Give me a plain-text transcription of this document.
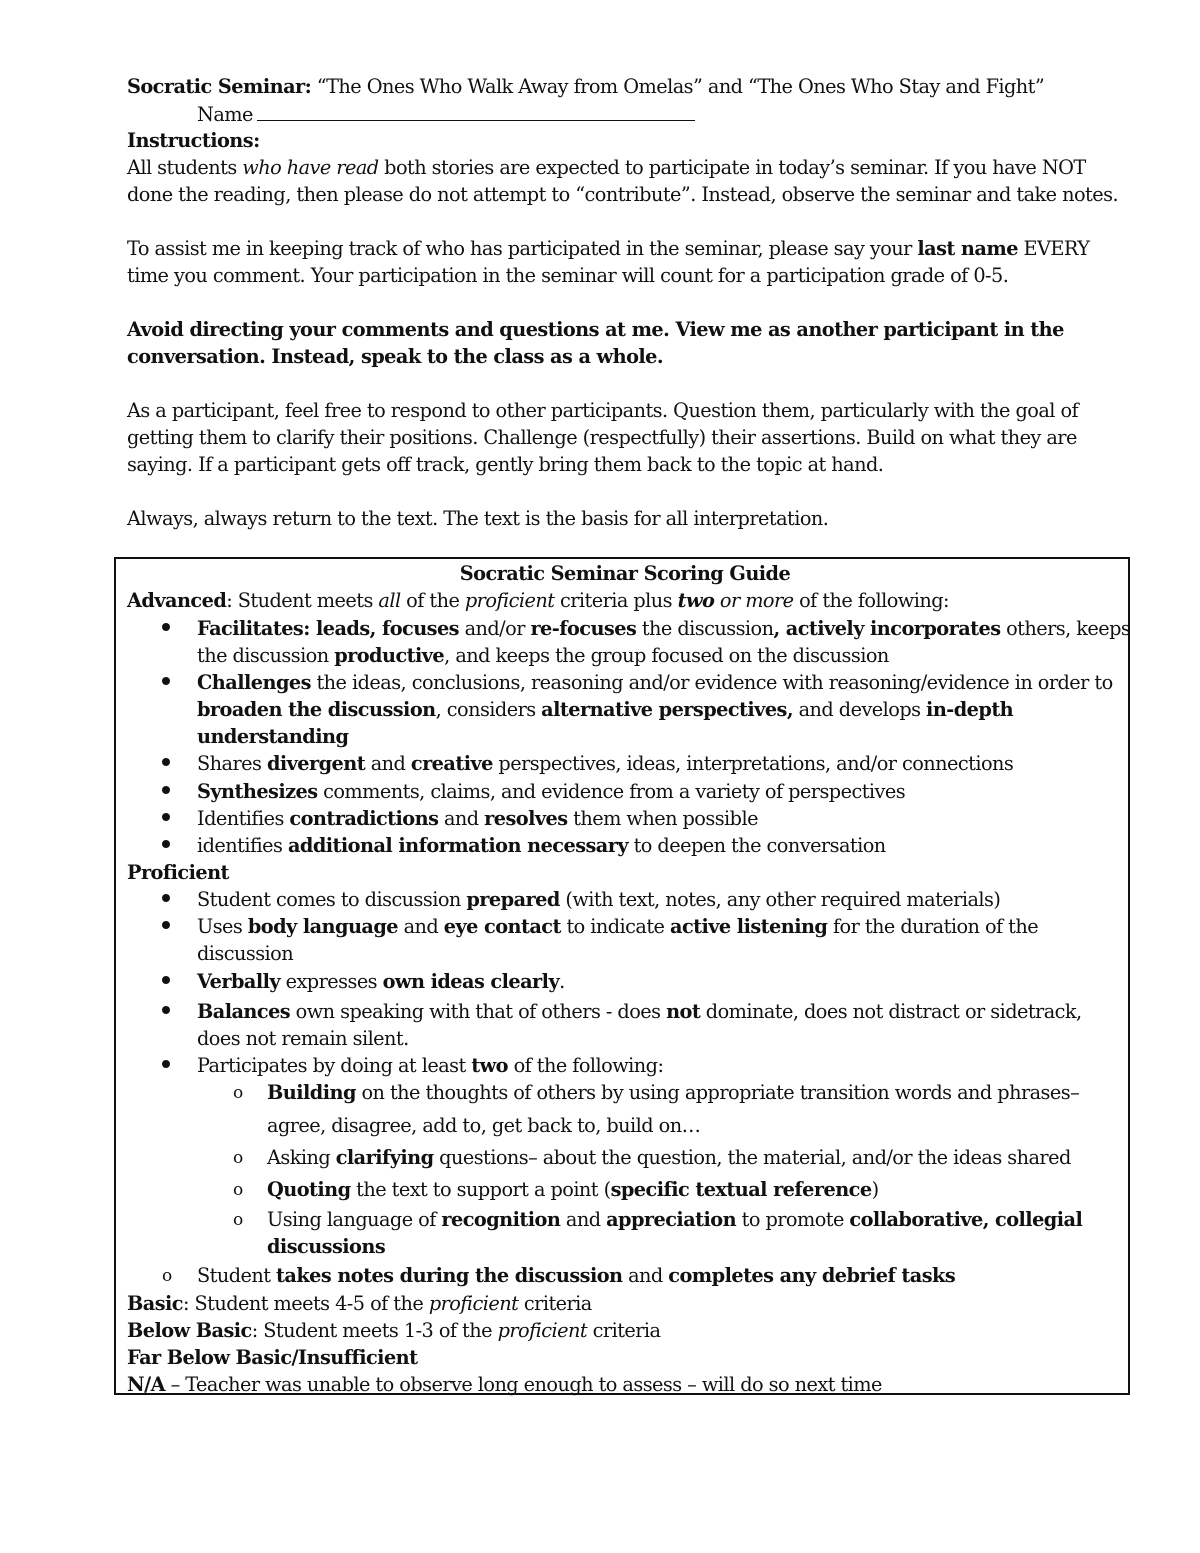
Socratic Seminar: “The Ones Who Walk Away from Omelas” and “The Ones Who Stay and Fight”
Name
Instructions:
All students who have read both stories are expected to participate in today’s seminar. If you have NOT
done the reading, then please do not attempt to “contribute”. Instead, observe the seminar and take notes.
To assist me in keeping track of who has participated in the seminar, please say your last name EVERY
time you comment. Your participation in the seminar will count for a participation grade of 0-5.
Avoid directing your comments and questions at me. View me as another participant in the
conversation. Instead, speak to the class as a whole.
As a participant, feel free to respond to other participants. Question them, particularly with the goal of
getting them to clarify their positions. Challenge (respectfully) their assertions. Build on what they are
saying. If a participant gets off track, gently bring them back to the topic at hand.
Always, always return to the text. The text is the basis for all interpretation.
Socratic Seminar Scoring Guide
Advanced: Student meets all of the proficient criteria plus two or more of the following:
Facilitates: leads, focuses and/or re-focuses the discussion, actively incorporates others, keeps
the discussion productive, and keeps the group focused on the discussion
Challenges the ideas, conclusions, reasoning and/or evidence with reasoning/evidence in order to
broaden the discussion, considers alternative perspectives, and develops in-depth
understanding
Shares divergent and creative perspectives, ideas, interpretations, and/or connections
Synthesizes comments, claims, and evidence from a variety of perspectives
Identifies contradictions and resolves them when possible
identifies additional information necessary to deepen the conversation
Proficient
Student comes to discussion prepared (with text, notes, any other required materials)
Uses body language and eye contact to indicate active listening for the duration of the
discussion
Verbally expresses own ideas clearly.
Balances own speaking with that of others - does not dominate, does not distract or sidetrack,
does not remain silent.
Participates by doing at least two of the following:
o Building on the thoughts of others by using appropriate transition words and phrases–
agree, disagree, add to, get back to, build on…
o Asking clarifying questions– about the question, the material, and/or the ideas shared
o Quoting the text to support a point (specific textual reference)
o Using language of recognition and appreciation to promote collaborative, collegial
discussions
o Student takes notes during the discussion and completes any debrief tasks
Basic: Student meets 4-5 of the proficient criteria
Below Basic: Student meets 1-3 of the proficient criteria
Far Below Basic/Insufficient
N/A – Teacher was unable to observe long enough to assess – will do so next time
